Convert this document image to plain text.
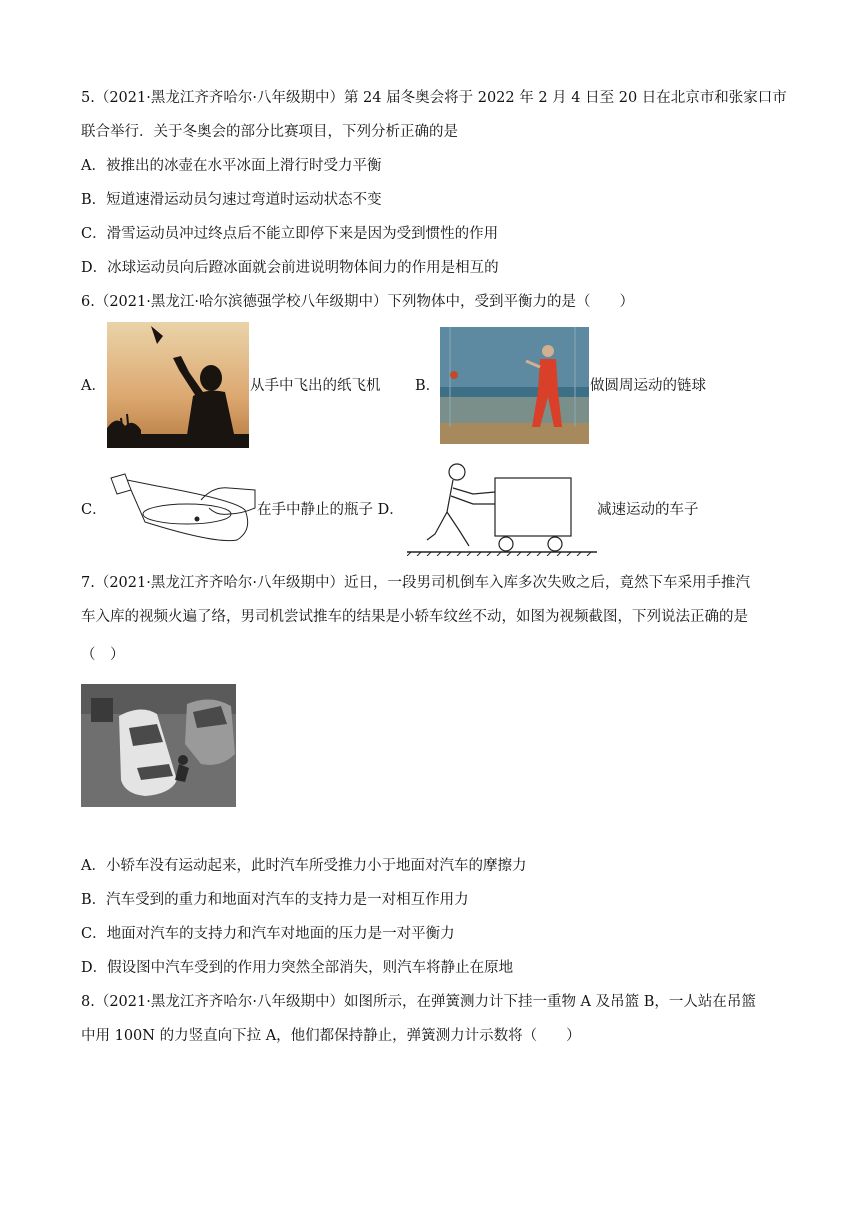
5.（2021·黑龙江齐齐哈尔·八年级期中）第 24 届冬奥会将于 2022 年 2 月 4 日至 20 日在北京市和张家口市
联合举行．关于冬奥会的部分比赛项目，下列分析正确的是
A．被推出的冰壶在水平冰面上滑行时受力平衡
B．短道速滑运动员匀速过弯道时运动状态不变
C．滑雪运动员冲过终点后不能立即停下来是因为受到惯性的作用
D．冰球运动员向后蹬冰面就会前进说明物体间力的作用是相互的
6.（2021·黑龙江·哈尔滨德强学校八年级期中）下列物体中，受到平衡力的是（　　）
A．	从手中飞出的纸飞机 B．	做圆周运动的链球
C．	在手中静止的瓶子 D．	减速运动的车子
7.（2021·黑龙江齐齐哈尔·八年级期中）近日，一段男司机倒车入库多次失败之后，竟然下车采用手推汽
车入库的视频火遍了络，男司机尝试推车的结果是小轿车纹丝不动，如图为视频截图，下列说法正确的是
（　）
A．小轿车没有运动起来，此时汽车所受推力小于地面对汽车的摩擦力
B．汽车受到的重力和地面对汽车的支持力是一对相互作用力
C．地面对汽车的支持力和汽车对地面的压力是一对平衡力
D．假设图中汽车受到的作用力突然全部消失，则汽车将静止在原地
8.（2021·黑龙江齐齐哈尔·八年级期中）如图所示，在弹簧测力计下挂一重物 A 及吊篮 B，一人站在吊篮
中用 100N 的力竖直向下拉 A，他们都保持静止，弹簧测力计示数将（　　）
